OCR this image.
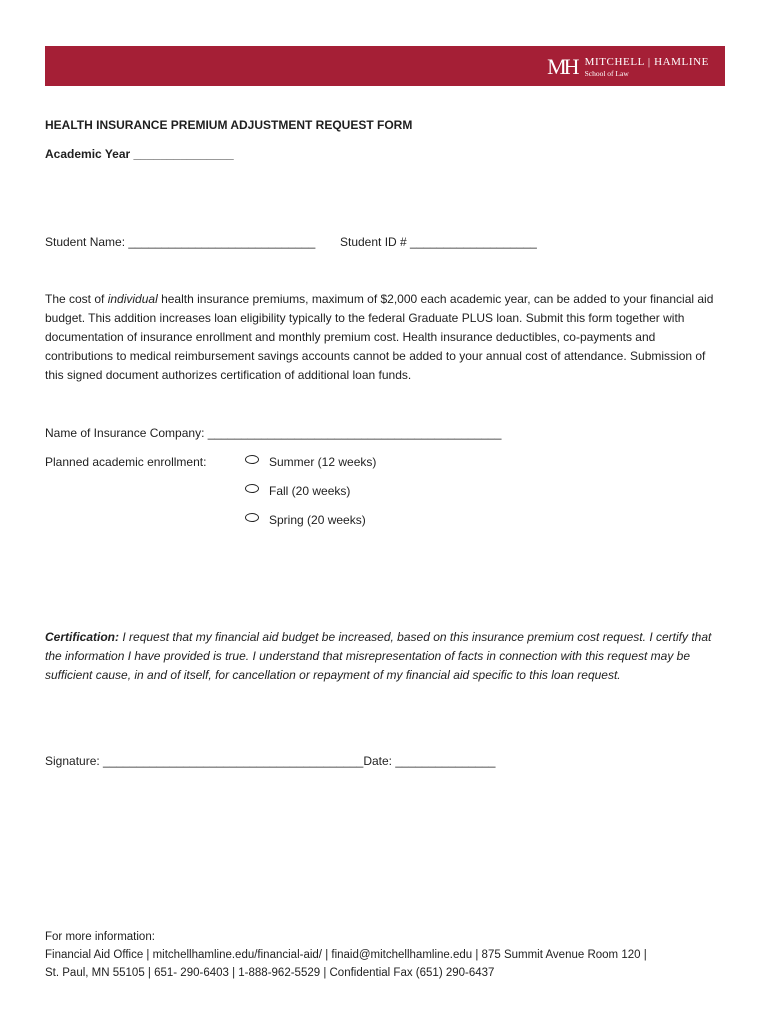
MH MITCHELL | HAMLINE
School of Law
HEALTH INSURANCE PREMIUM ADJUSTMENT REQUEST FORM
Academic Year _______________
Student Name: ____________________________ Student ID # ___________________
The cost of individual health insurance premiums, maximum of $2,000 each academic year, can be added to your financial aid budget. This addition increases loan eligibility typically to the federal Graduate PLUS loan. Submit this form together with documentation of insurance enrollment and monthly premium cost. Health insurance deductibles, co-payments and contributions to medical reimbursement savings accounts cannot be added to your annual cost of attendance. Submission of this signed document authorizes certification of additional loan funds.
Name of Insurance Company: ____________________________________________
Planned academic enrollment:	Summer (12 weeks)
Fall (20 weeks)
Spring (20 weeks)
Certification: I request that my financial aid budget be increased, based on this insurance premium cost request. I certify that the information I have provided is true. I understand that misrepresentation of facts in connection with this request may be sufficient cause, in and of itself, for cancellation or repayment of my financial aid specific to this loan request.
Signature: _______________________________________Date: _______________
For more information:
Financial Aid Office | mitchellhamline.edu/financial-aid/ | finaid@mitchellhamline.edu | 875 Summit Avenue Room 120 |
St. Paul, MN 55105 | 651- 290-6403 | 1-888-962-5529 | Confidential Fax (651) 290-6437
